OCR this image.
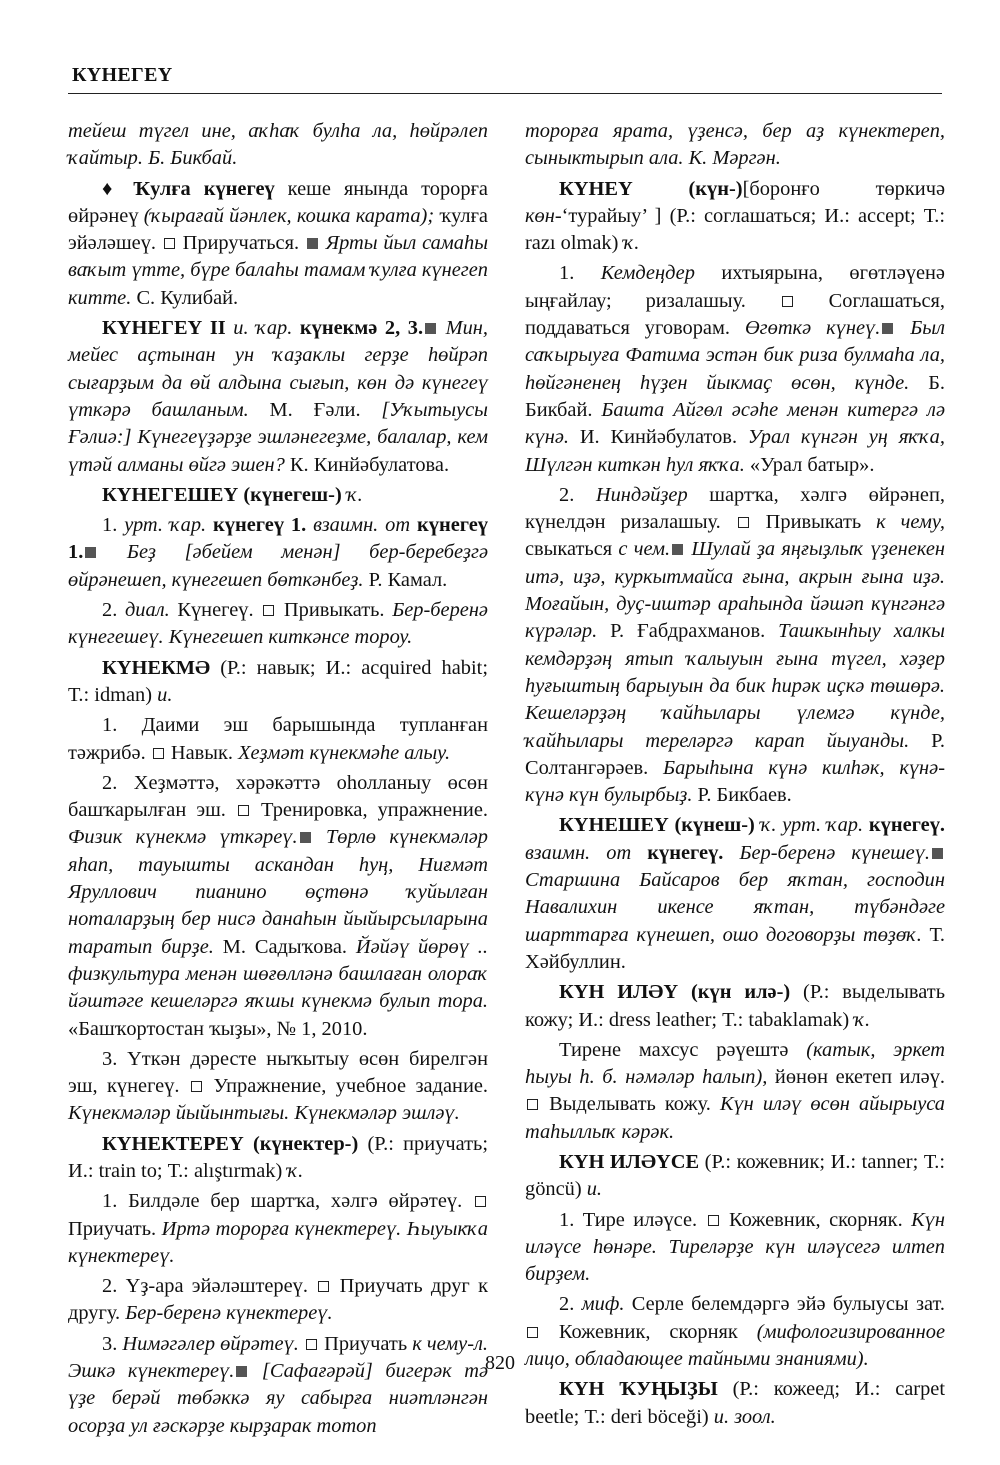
КҮНЕГЕҮ

тейеш түгел ине, аҡһаҡ булһа ла, һөйрәлеп ҡайтыр. Б. Бикбай.

♦ Ҡулға күнегеү кеше янында торорға өйрәнеү (ҡырағай йәнлек, кошка карата); ҡулға эйәләшеү.  Приручаться.  Ярты йыл самаһы ваҡыт үтте, бүре балаһы тамам ҡулға күнегеп китте. С. Кулибай.

КҮНЕГЕҮ II и. ҡар. күнекмә 2, 3. Мин, мейес аҫтынан ун ҡаҙаклы герҙе һөйрәп сығарҙым да өй алдына сығып, көн дә күнегеү үткәрә башланым. М. Ғәли. [Уҡытыусы Ғәлиә:] Күнегеүҙәрҙе эшләнегеҙме, балалар, кем үтәй алманы өйгә эшен? К. Кинйәбулатова.

КҮНЕГЕШЕҮ (күнегеш-) ҡ.

1. урт. ҡар. күнегеү 1. взаимн. от күнегеү 1. Беҙ [әбейем менән] бер-беребеҙгә өйрәнешеп, күнегешеп бөткәнбеҙ. Р. Камал.

2. диал. Күнегеү.  Привыкать. Бер-беренә күнегешеү. Күнегешеп киткәнсе тороу.

КҮНЕКМӘ (Р.: навык; И.: acquired habit; Т.: idman) и.

1. Даими эш барышында тупланған тәжрибә.  Навык. Хеҙмәт күнекмәһе алыу.

2. Хеҙмәттә, хәрәкәттә оһолланыу өсөн башҡарылған эш.  Тренировка, упражнение. Физик күнекмә үткәреү. Төрлө күнекмәләр яһап, тауышты аскандан һуң, Ниғмәт Яруллович пианино өҫтөнә ҡуйылған ноталарҙың бер нисә данаһын йыйырсыларына таратып бирҙе. М. Садыҡова. Йәйәү йөрөү .. физкультура менән шөғөлләнә башлаған олораҡ йәштәге кешеләргә яҡшы күнекмә булып тора. «Башҡортостан ҡыҙы», № 1, 2010.

3. Үткән дәресте ныҡытыу өсөн бирелгән эш, күнегеү.  Упражнение, учебное задание. Күнекмәләр йыйынтығы. Күнекмәләр эшләү.

КҮНЕКТЕРЕҮ (күнектер-) (Р.: приучать; И.: train to; Т.: alıştırmak) ҡ.

1. Билдәле бер шартҡа, хәлгә өйрәтеү.  Приучать. Иртә торорға күнектереү. Һыуыкҡа күнектереү.

2. Үҙ-ара эйәләштереү.  Приучать друг к другу. Бер-беренә күнектереү.

3. Нимәгәлер өйрәтеү.  Приучать к чему-л. Эшкә күнектереү. [Сафағәрәй] бигерәк тә үҙе берәй төбәккә яу сабырға ниәтләнгән осорҙа ул ғәскәрҙе кырҙарак тотоп

торорға ярата, үҙенсә, бер аҙ күнектереп, сыныктырып ала. К. Мәргән.

КҮНЕҮ (күн-)[боронғо төркичә көн-‘турайыу’ ] (Р.: соглашаться; И.: accept; Т.: razı olmak) ҡ.

1. Кемдеңдер ихтыярына, өгөтләүенә ыңғайлау; ризалашыу.  Соглашаться, поддаваться уговорам. Өгөткә күнеү. Был саҡырыуға Фатима эстән бик риза булмаһа ла, һөйгәненең һүҙен йыкмаҫ өсөн, күнде. Б. Бикбай. Башта Айгөл әсәһе менән китергә лә күнә. И. Кинйәбулатов. Урал күнгән уң яҡҡа, Шүлгән киткән һул яҡҡа. «Урал батыр».

2. Ниндәйҙер шартҡа, хәлгә өйрәнеп, күнелдән ризалашыу.  Привыкать к чему, свыкаться с чем. Шулай ҙа яңғыҙлыҡ үҙенекен итә, иҙә, куркытмайса ғына, акрын ғына иҙә. Моғайын, дуҫ-иштәр араһында йәшәп күнгәнгә күрәләр. Р. Ғабдрахманов. Ташкынһыу халкы кемдәрҙәң ятып ҡалыуын ғына түгел, хәҙер һуғыштың барыуын да бик һирәк иҫкә төшөрә. Кешеләрҙәң ҡайһылары үлемгә күнде, ҡайһылары тереләргә карап йыуанды. Р. Солтангәрәев. Барыһына күнә килһәк, күнә-күнә күн булырбыҙ. Р. Бикбаев.

КҮНЕШЕҮ (күнеш-) ҡ. урт. ҡар. күнегеү. взаимн. от күнегеү. Бер-беренә күнешеү. Старшина Байсаров бер яҡтан, господин Навалихин икенсе яҡтан, түбәндәге шарттарға күнешеп, ошо договорҙы төҙөҡ. Т. Хәйбуллин.

КҮН ИЛӘҮ (күн илә-) (Р.: выделывать кожу; И.: dress leather; Т.: tabaklamak) ҡ.

Тирене махсус рәүештә (катык, эркет һыуы һ. б. нәмәләр һалып), йөнөн екетеп иләү.  Выделывать кожу. Күн иләү өсөн айырыуса таһыллыҡ кәрәк.

КҮН ИЛӘҮСЕ (Р.: кожевник; И.: tanner; Т.: göncü) и.

1. Тире иләүсе.  Кожевник, скорняк. Күн иләүсе һөнәре. Тиреләрҙе күн иләүсегә илтеп бирҙем.

2. миф. Серле белемдәргә эйә булыусы зат.  Кожевник, скорняк (мифологизированное лицо, обладающее тайными знаниями).

КҮН ҠУҢЫҘЫ (Р.: кожеед; И.: carpet beetle; Т.: deri böceği) и. зоол.

820
